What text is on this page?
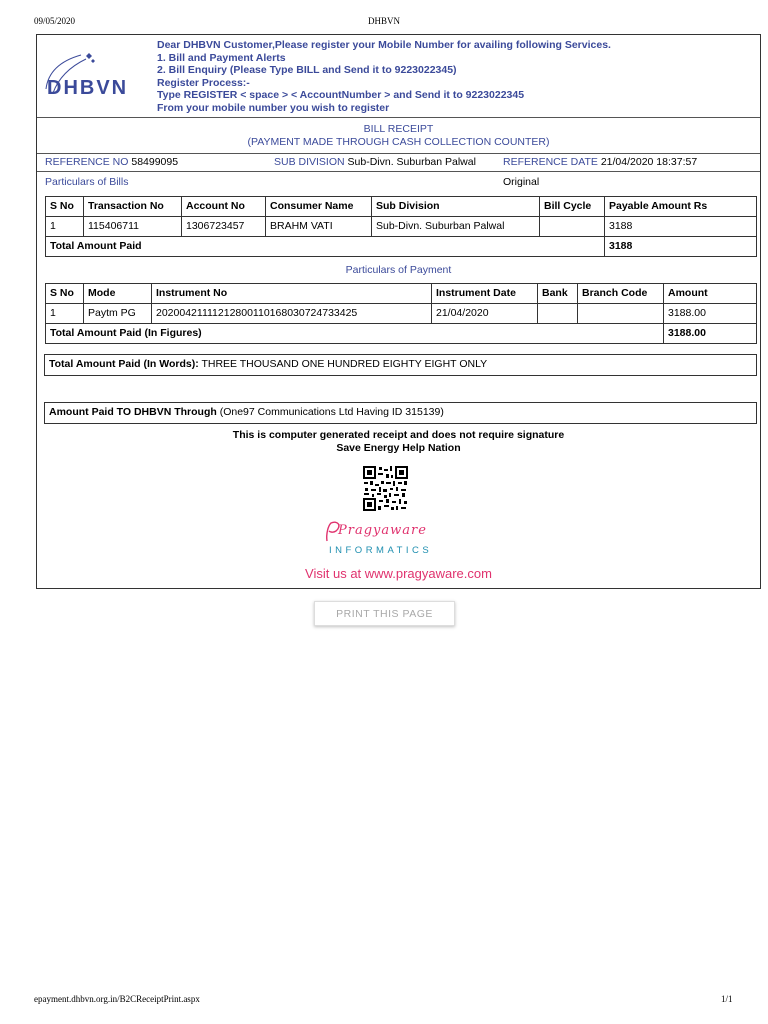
09/05/2020	DHBVN
epayment.dhbvn.org.in/B2CReceiptPrint.aspx	1/1
DHBVN
Dear DHBVN Customer,Please register your Mobile Number for availing following Services.
1. Bill and Payment Alerts
2. Bill Enquiry (Please Type BILL and Send it to 9223022345)
Register Process:-
Type REGISTER < space > < AccountNumber > and Send it to 9223022345
From your mobile number you wish to register
BILL RECEIPT
(PAYMENT MADE THROUGH CASH COLLECTION COUNTER)
REFERENCE NO 58499095	SUB DIVISION Sub-Divn. Suburban Palwal	REFERENCE DATE 21/04/2020 18:37:57
Particulars of Bills	Original
S No	Transaction No	Account No	Consumer Name	Sub Division	Bill Cycle	Payable Amount Rs
1	115406711	1306723457	BRAHM VATI	Sub-Divn. Suburban Palwal		3188
Total Amount Paid						3188
Particulars of Payment
S No	Mode	Instrument No	Instrument Date	Bank	Branch Code	Amount
1	Paytm PG	20200421111212800110168030724733425	21/04/2020			3188.00
Total Amount Paid (In Figures)						3188.00
Total Amount Paid (In Words): THREE THOUSAND ONE HUNDRED EIGHTY EIGHT ONLY
Amount Paid TO DHBVN Through (One97 Communications Ltd Having ID 315139)
This is computer generated receipt and does not require signature
Save Energy Help Nation
Pragyaware
INFORMATICS
Visit us at www.pragyaware.com
PRINT THIS PAGE
